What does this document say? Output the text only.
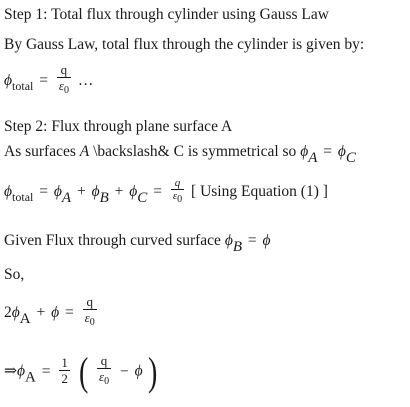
Step 1: Total flux through cylinder using Gauss Law
By Gauss Law, total flux through the cylinder is given by:
$\phi_{total} = \frac{q}{\varepsilon_0}$ …
Step 2: Flux through plane surface A
As surfaces A \backslash& C is symmetrical so ϕA = ϕC
$\phi_{total} = \phi A + \phi B + \phi C = \frac{q}{\varepsilon 0}$ [ Using Equation (1) ]
Given Flux through curved surface ϕB = ϕ
So,
$2\phi A + \phi = \frac{q}{\varepsilon_0}$
⇒ϕA = $\frac{1}{2}$ ( $\frac{q}{\varepsilon_0} - \phi$ )
